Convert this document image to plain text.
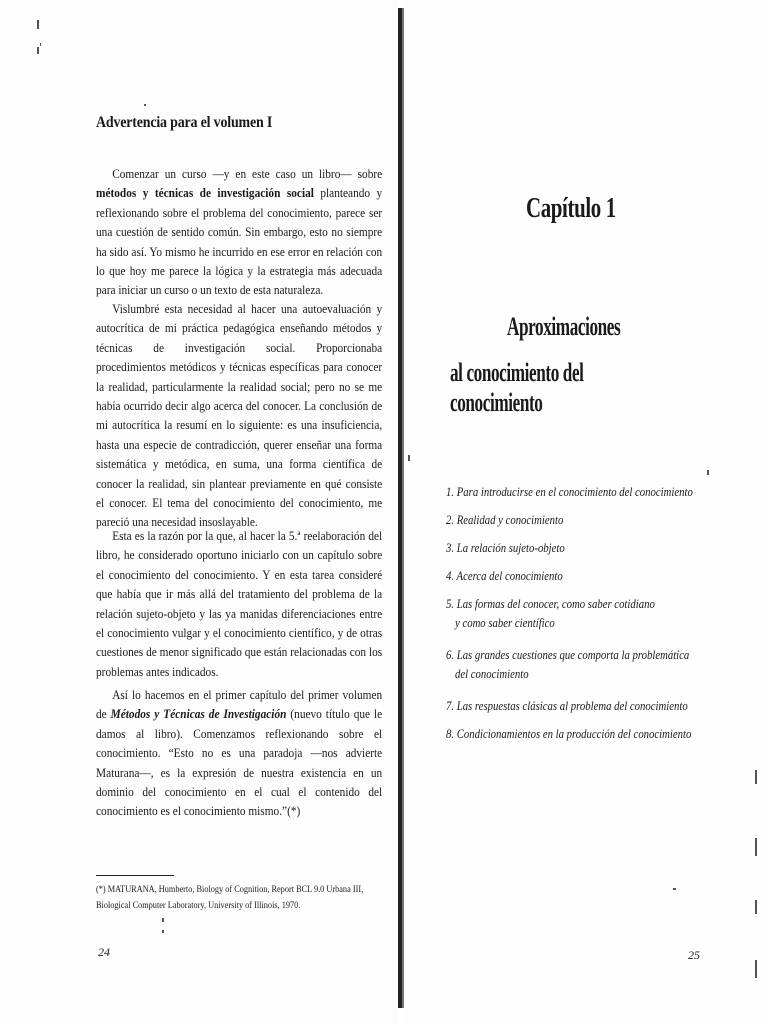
Advertencia para el volumen I

Comenzar un curso —y en este caso un libro— sobre métodos y técnicas de investigación social planteando y reflexionando sobre el problema del conocimiento, parece ser una cuestión de sentido común. Sin embargo, esto no siempre ha sido así. Yo mismo he incurrido en ese error en relación con lo que hoy me parece la lógica y la estrategia más adecuada para iniciar un curso o un texto de esta naturaleza.

Vislumbré esta necesidad al hacer una autoevaluación y autocrítica de mi práctica pedagógica enseñando métodos y técnicas de investigación social. Proporcionaba procedimientos metódicos y técnicas específicas para conocer la realidad, particularmente la realidad social; pero no se me había ocurrido decir algo acerca del conocer. La conclusión de mi autocrítica la resumí en lo siguiente: es una insuficiencia, hasta una especie de contradicción, querer enseñar una forma sistemática y metódica, en suma, una forma científica de conocer la realidad, sin plantear previamente en qué consiste el conocer. El tema del conocimiento del conocimiento, me pareció una necesidad insoslayable.

Esta es la razón por la que, al hacer la 5.ª reelaboración del libro, he considerado oportuno iniciarlo con un capítulo sobre el conocimiento del conocimiento. Y en esta tarea consideré que había que ir más allá del tratamiento del problema de la relación sujeto-objeto y las ya manidas diferenciaciones entre el conocimiento vulgar y el conocimiento científico, y de otras cuestiones de menor significado que están relacionadas con los problemas antes indicados.

Así lo hacemos en el primer capítulo del primer volumen de Métodos y Técnicas de Investigación (nuevo título que le damos al libro). Comenzamos reflexionando sobre el conocimiento. “Esto no es una paradoja —nos advierte Maturana—, es la expresión de nuestra existencia en un dominio del conocimiento en el cual el contenido del conocimiento es el conocimiento mismo.”(*)

(*) MATURANA, Humberto, Biology of Cognition, Report BCL 9.0 Urbana III, Biological Computer Laboratory, University of Illinois, 1970.

24
Capítulo 1
Aproximaciones
al conocimiento del conocimiento
1. Para introducirse en el conocimiento del conocimiento
2. Realidad y conocimiento
3. La relación sujeto-objeto
4. Acerca del conocimiento
5. Las formas del conocer, como saber cotidiano
y como saber científico
6. Las grandes cuestiones que comporta la problemática
del conocimiento
7. Las respuestas clásicas al problema del conocimiento
8. Condicionamientos en la producción del conocimiento
25
